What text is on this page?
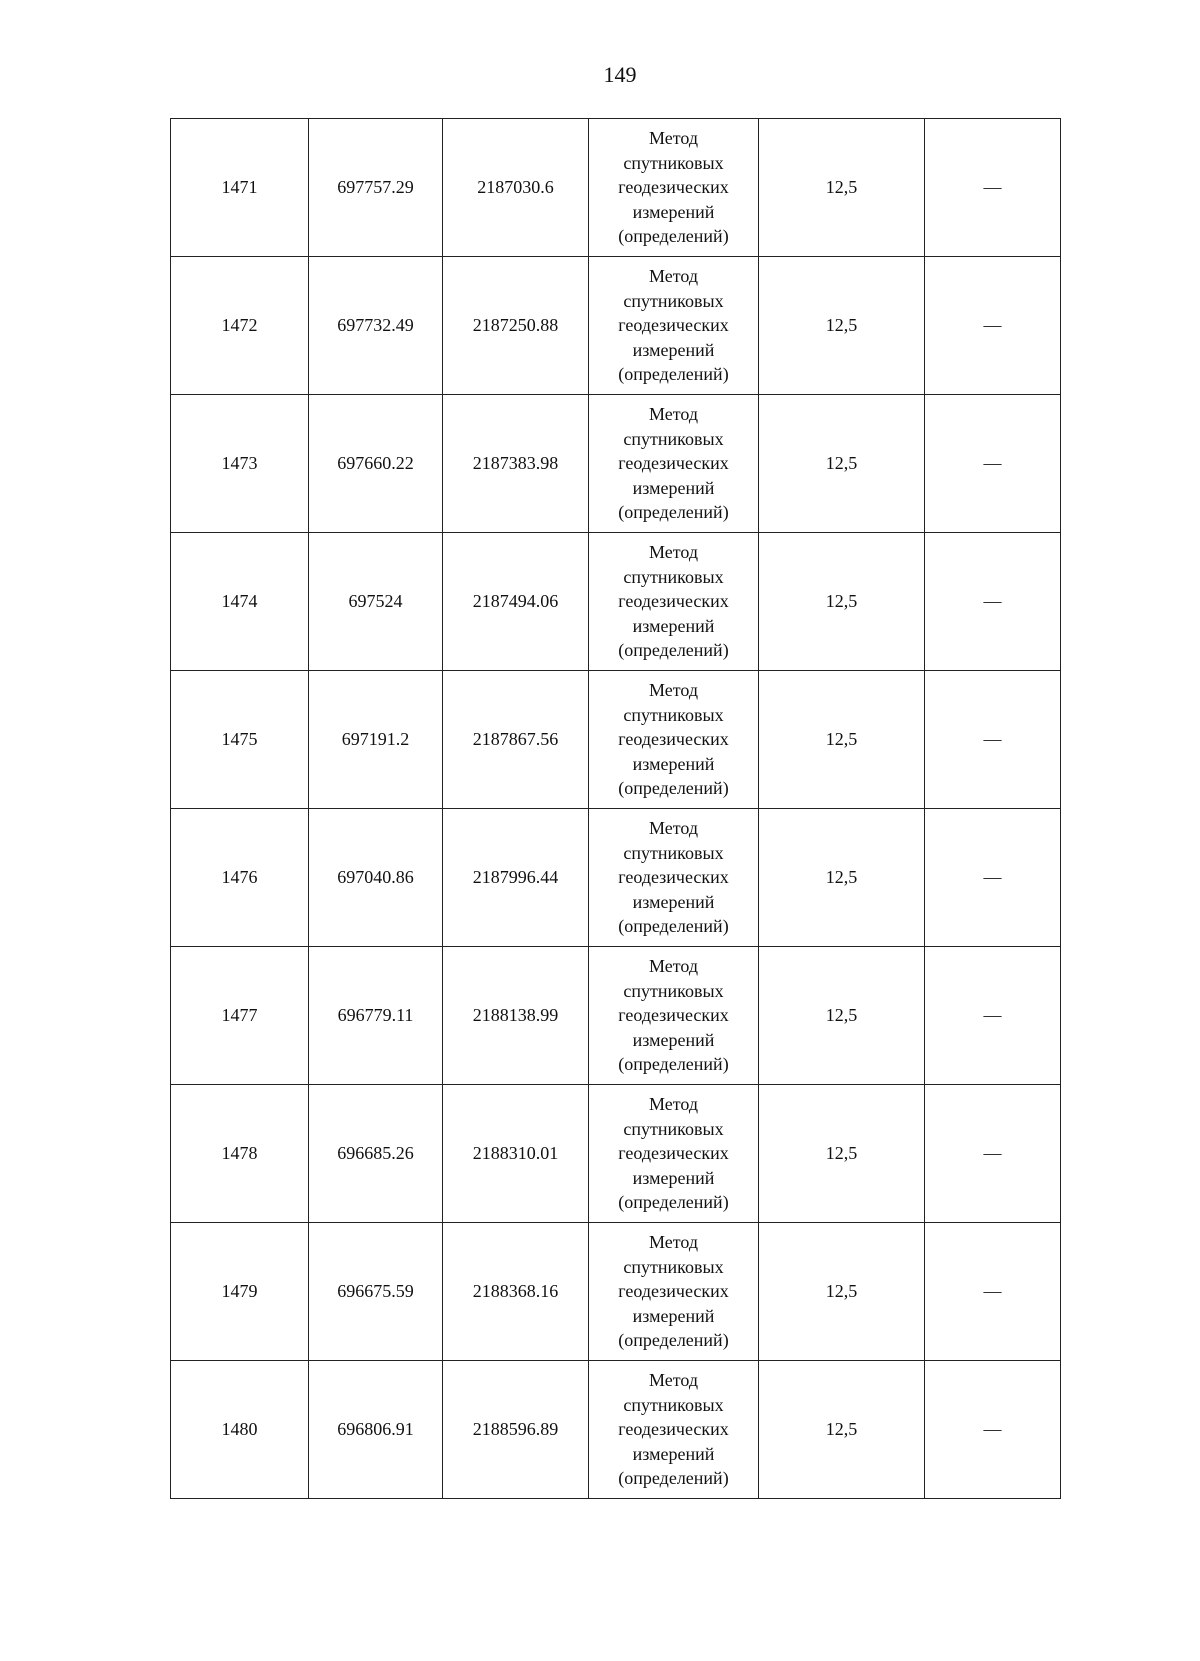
149
1471	697757.29	2187030.6	Метод
спутниковых
геодезических
измерений
(определений)	12,5	—
1472	697732.49	2187250.88	Метод
спутниковых
геодезических
измерений
(определений)	12,5	—
1473	697660.22	2187383.98	Метод
спутниковых
геодезических
измерений
(определений)	12,5	—
1474	697524	2187494.06	Метод
спутниковых
геодезических
измерений
(определений)	12,5	—
1475	697191.2	2187867.56	Метод
спутниковых
геодезических
измерений
(определений)	12,5	—
1476	697040.86	2187996.44	Метод
спутниковых
геодезических
измерений
(определений)	12,5	—
1477	696779.11	2188138.99	Метод
спутниковых
геодезических
измерений
(определений)	12,5	—
1478	696685.26	2188310.01	Метод
спутниковых
геодезических
измерений
(определений)	12,5	—
1479	696675.59	2188368.16	Метод
спутниковых
геодезических
измерений
(определений)	12,5	—
1480	696806.91	2188596.89	Метод
спутниковых
геодезических
измерений
(определений)	12,5	—
